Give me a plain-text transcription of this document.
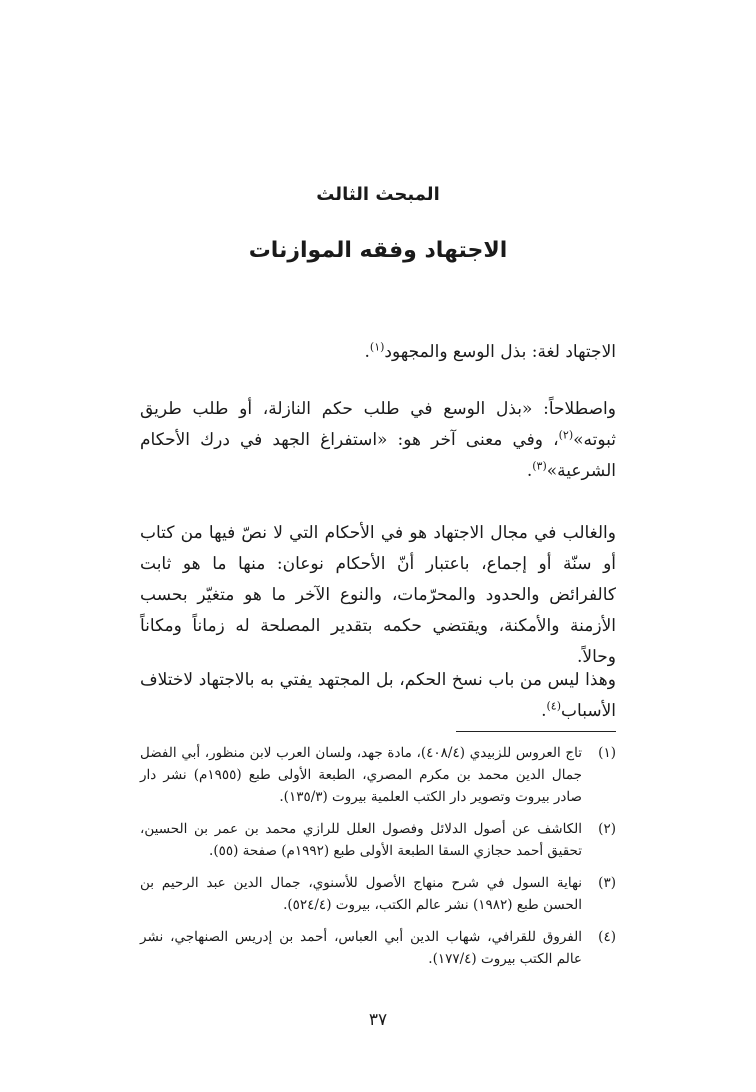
المبحث الثالث
الاجتهاد وفقه الموازنات

الاجتهاد لغة: بذل الوسع والمجهود$^{(١)}$.

واصطلاحاً: «بذل الوسع في طلب حكم النازلة، أو طلب طريق ثبوته»$^{(٢)}$، وفي معنى آخر هو: «استفراغ الجهد في درك الأحكام الشرعية»$^{(٣)}$.

والغالب في مجال الاجتهاد هو في الأحكام التي لا نصّ فيها من كتاب أو سنّة أو إجماع، باعتبار أنّ الأحكام نوعان: منها ما هو ثابت كالفرائض والحدود والمحرّمات، والنوع الآخر ما هو متغيّر بحسب الأزمنة والأمكنة، ويقتضي حكمه بتقدير المصلحة له زماناً ومكاناً وحالاً.

وهذا ليس من باب نسخ الحكم، بل المجتهد يفتي به بالاجتهاد لاختلاف الأسباب$^{(٤)}$.

(١)
تاج العروس للزبيدي (٤٠٨/٤)، مادة جهد، ولسان العرب لابن منظور، أبي الفضل جمال الدين محمد بن مكرم المصري، الطبعة الأولى طبع (١٩٥٥م) نشر دار صادر بيروت وتصوير دار الكتب العلمية بيروت (١٣٥/٣).
(٢)
الكاشف عن أصول الدلائل وفصول العلل للرازي محمد بن عمر بن الحسين، تحقيق أحمد حجازي السقا الطبعة الأولى طبع (١٩٩٢م) صفحة (٥٥).
(٣)
نهاية السول في شرح منهاج الأصول للأسنوي، جمال الدين عبد الرحيم بن الحسن طبع (١٩٨٢) نشر عالم الكتب، بيروت (٥٢٤/٤).
(٤)
الفروق للقرافي، شهاب الدين أبي العباس، أحمد بن إدريس الصنهاجي، نشر عالم الكتب بيروت (١٧٧/٤).
٣٧
